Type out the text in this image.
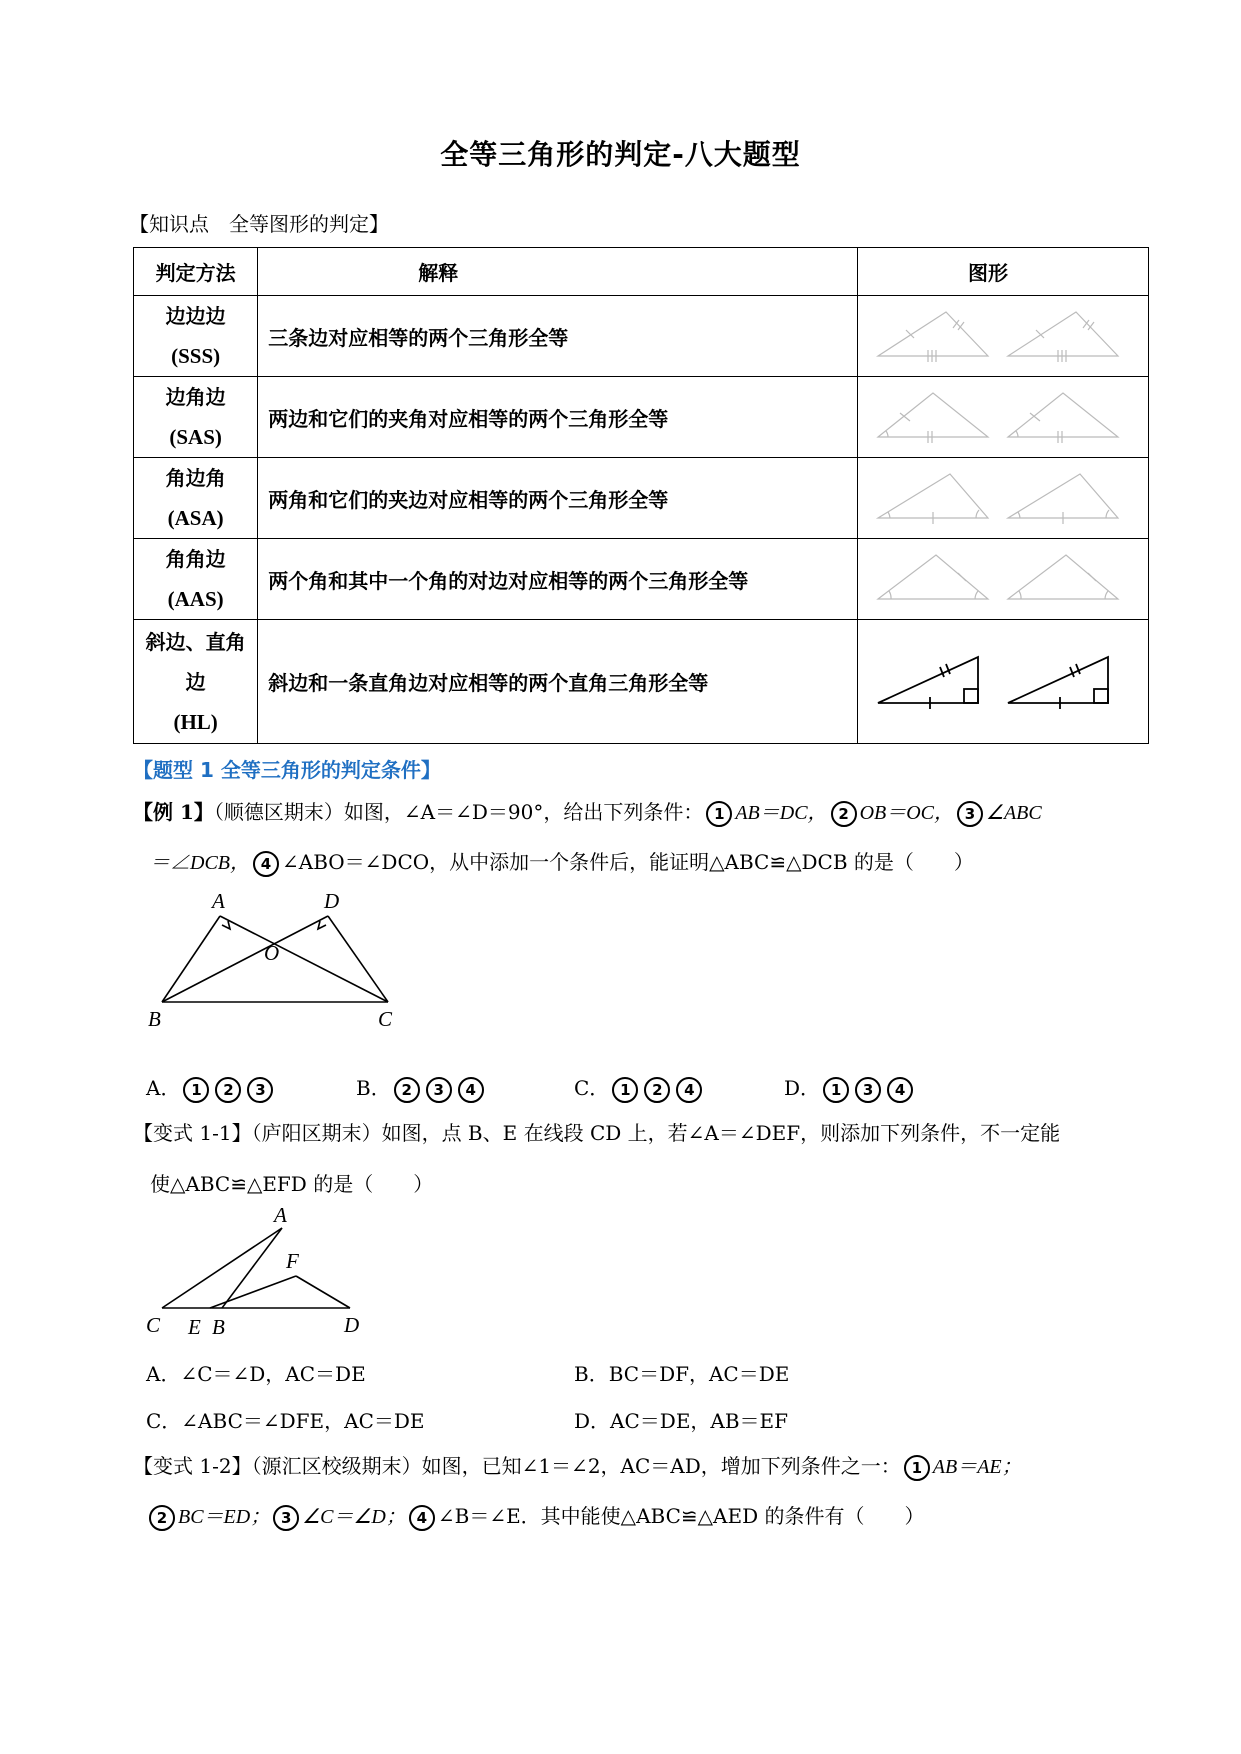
全等三角形的判定-八大题型
【知识点　全等图形的判定】
判定方法	解释	图形

边边边
(SSS)	三条边对应相等的两个三角形全等	

边角边
(SAS)	两边和它们的夹角对应相等的两个三角形全等	

角边角
(ASA)	两角和它们的夹边对应相等的两个三角形全等	

角角边
(AAS)	两个角和其中一个角的对边对应相等的两个三角形全等	

斜边、直角边
(HL)	斜边和一条直角边对应相等的两个直角三角形全等	
【题型 1 全等三角形的判定条件】
【例 1】（顺德区期末）如图，∠A＝∠D＝90°，给出下列条件： 1 AB＝DC， 2 OB＝OC， 3 ∠ABC
＝∠DCB， 4 ∠ABO＝∠DCO，从中添加一个条件后，能证明△ABC≌△DCB 的是（　　）
A	D
O
B	C
A． 1 2 3	B． 2 3 4	C． 1 2 4	D． 1 3 4
【变式 1-1】（庐阳区期末）如图，点 B、E 在线段 CD 上，若∠A＝∠DEF，则添加下列条件，不一定能
使△ABC≌△EFD 的是（　　）
A
F
C E B	D
A．∠C＝∠D，AC＝DE	B．BC＝DF，AC＝DE
C．∠ABC＝∠DFE，AC＝DE	D．AC＝DE，AB＝EF
【变式 1-2】（源汇区校级期末）如图，已知∠1＝∠2，AC＝AD，增加下列条件之一： 1 AB＝AE；
2 BC＝ED； 3 ∠C＝∠D； 4 ∠B＝∠E．其中能使△ABC≌△AED 的条件有（　　）
